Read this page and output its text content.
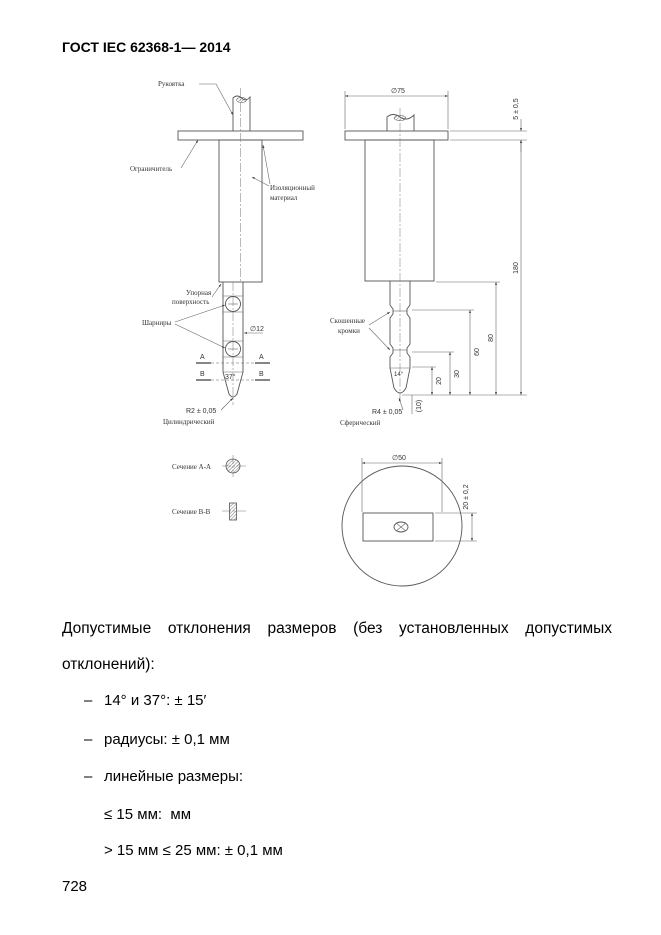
ГОСТ IEC 62368-1— 2014
∅12
А	А
В	В
37°
Рукоятка
Ограничитель
Изоляционный
материал
Упорная
поверхность
Шарниры
R2 ± 0,05
Цилиндрический
14°
∅75
5 ± 0,5
180
80
60
30
20
(10)
Скошенные
кромки
R4 ± 0,05
Сферический
Сечение А-А
Сечение В-В
∅50
20 ± 0,2
Допустимые отклонения размеров (без установленных допустимых отклонений):
– 14° и 37°: ± 15′
– радиусы: ± 0,1 мм
– линейные размеры:
≤ 15 мм:  мм
> 15 мм ≤ 25 мм: ± 0,1 мм
728
